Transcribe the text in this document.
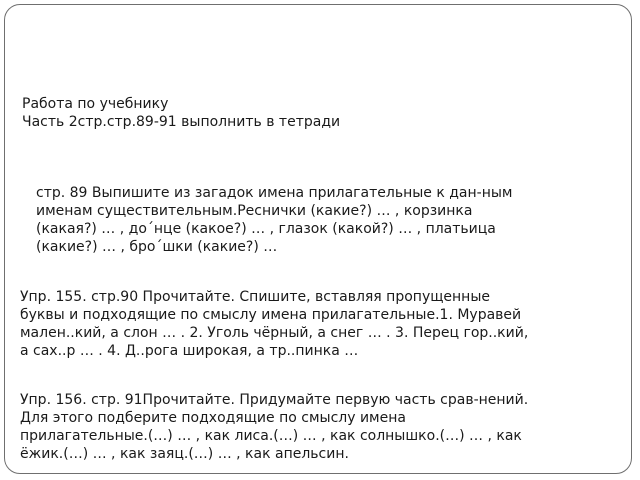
Работа по учебнику
Часть 2стр.стр.89-91 выполнить в тетради
стр. 89 Выпишите из загадок имена прилагательные к дан-ным
именам существительным.Реснички (какие?) … , корзинка
(какая?) … , до´нце (какое?) … , глазок (какой?) … , платьица
(какие?) … , бро´шки (какие?) …
Упр. 155. стр.90 Прочитайте. Спишите, вставляя пропущенные
буквы и подходящие по смыслу имена прилагательные.1. Муравей
мален..кий, а слон … . 2. Уголь чёрный, а снег … . 3. Перец гор..кий,
а сах..р … . 4. Д..рога широкая, а тр..пинка …
Упр. 156. стр. 91Прочитайте. Придумайте первую часть срав-нений.
Для этого подберите подходящие по смыслу имена
прилагательные.(…) … , как лиса.(…) … , как солнышко.(…) … , как
ёжик.(…) … , как заяц.(…) … , как апельсин.
